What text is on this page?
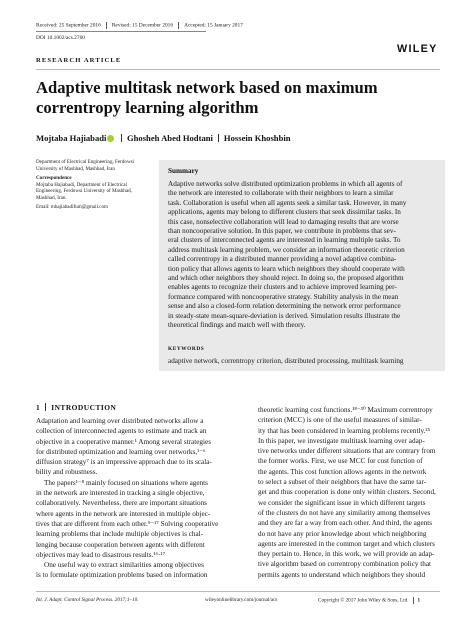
Received: 25 September 2016 Revised: 15 December 2016 Accepted: 15 January 2017
DOI 10.1002/acs.2760
WILEY
RESEARCH ARTICLE
Adaptive multitask network based on maximum correntropy learning algorithm
Mojtaba Hajiabadi Ghosheh Abed Hodtani Hossein Khoshbin
Department of Electrical Engineering, Ferdowsi
University of Mashhad, Mashhad, Iran
Correspondence
Mojtaba Hajiabadi, Department of Electrical
Engineering, Ferdowsi University of Mashhad,
Mashhad, Iran.
Email: mhajiabadifum@gmail.com
Summary
Adaptive networks solve distributed optimization problems in which all agents of
the network are interested to collaborate with their neighbors to learn a similar
task. Collaboration is useful when all agents seek a similar task. However, in many
applications, agents may belong to different clusters that seek dissimilar tasks. In
this case, nonselective collaboration will lead to damaging results that are worse
than noncooperative solution. In this paper, we contribute in problems that sev-
eral clusters of interconnected agents are interested in learning multiple tasks. To
address multitask learning problem, we consider an information theoretic criterion
called correntropy in a distributed manner providing a novel adaptive combina-
tion policy that allows agents to learn which neighbors they should cooperate with
and which other neighbors they should reject. In doing so, the proposed algorithm
enables agents to recognize their clusters and to achieve improved learning per-
formance compared with noncooperative strategy. Stability analysis in the mean
sense and also a closed-form relation determining the network error performance
in steady-state mean-square-deviation is derived. Simulation results illustrate the
theoretical findings and match well with theory.
KEYWORDS
adaptive network, correntropy criterion, distributed processing, multitask learning
1 INTRODUCTION
Adaptation and learning over distributed networks allow a
collection of interconnected agents to estimate and track an
objective in a cooperative manner.¹ Among several strategies
for distributed optimization and learning over networks,¹⁻⁶
diffusion strategy⁷ is an impressive approach due to its scala-
bility and robustness.
The papers¹⁻⁸ mainly focused on situations where agents
in the network are interested in tracking a single objective,
collaboratively. Nevertheless, there are important situations
where agents in the network are interested in multiple objec-
tives that are different from each other.⁹⁻¹⁷ Solving cooperative
learning problems that include multiple objectives is chal-
lenging because cooperation between agents with different
objectives may lead to disastrous results.¹⁶·¹⁷
One useful way to extract similarities among objectives
is to formulate optimization problems based on information
theoretic learning cost functions.¹⁸⁻³⁰ Maximum correntropy
criterion (MCC) is one of the useful measures of similar-
ity that has been considered in learning problems recently.²⁵
In this paper, we investigate multitask learning over adap-
tive networks under different situations that are contrary from
the former works. First, we use MCC for cost function of
the agents. This cost function allows agents in the network
to select a subset of their neighbors that have the same tar-
get and thus cooperation is done only within clusters. Second,
we consider the significant issue in which different targets
of the clusters do not have any similarity among themselves
and they are far a way from each other. And third, the agents
do not have any prior knowledge about which neighboring
agents are interested in the common target and which clusters
they pertain to. Hence, in this work, we will provide an adap-
tive algorithm based on correntropy combination policy that
permits agents to understand which neighbors they should
Int. J. Adapt. Control Signal Process. 2017;1–10.	wileyonlinelibrary.com/journal/acs	Copyright © 2017 John Wiley & Sons, Ltd. 1
